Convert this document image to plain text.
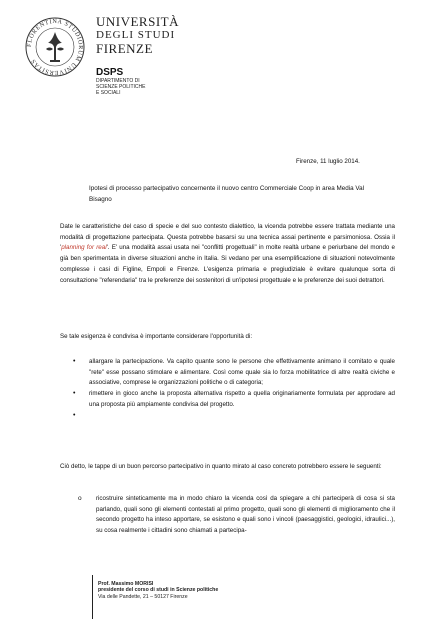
FLORENTINA STUDIORUM UNIVERSITAS
UNIVERSITÀ
DEGLI STUDI
FIRENZE
DSPS
DIPARTIMENTO DI
SCIENZE POLITICHE
E SOCIALI
Firenze, 11 luglio 2014.
Ipotesi di processo partecipativo concernente il nuovo centro Commerciale Coop in area Media Val Bisagno
Date le caratteristiche del caso di specie e del suo contesto dialettico, la vicenda potrebbe essere trattata mediante una modalità di progettazione partecipata. Questa potrebbe basarsi su una tecnica assai pertinente e parsimoniosa. Ossia il 'planning for real'. E' una modalità assai usata nei "conflitti progettuali" in molte realtà urbane e periurbane del mondo e già ben sperimentata in diverse situazioni anche in Italia. Si vedano per una esemplificazione di situazioni notevolmente complesse i casi di Figline, Empoli e Firenze. L'esigenza primaria e pregiudiziale è evitare qualunque sorta di consultazione "referendaria" tra le preferenze dei sostenitori di un'ipotesi progettuale e le preferenze dei suoi detrattori.
Se tale esigenza è condivisa è importante considerare l'opportunità di:
• allargare la partecipazione. Va capito quante sono le persone che effettivamente animano il comitato e quale "rete" esse possano stimolare e alimentare. Così come quale sia lo forza mobilitatrice di altre realtà civiche e associative, comprese le organizzazioni politiche o di categoria;
• rimettere in gioco anche la proposta alternativa rispetto a quella originariamente formulata per approdare ad una proposta più ampiamente condivisa del progetto.
•
Ciò detto, le tappe di un buon percorso partecipativo in quanto mirato al caso concreto potrebbero essere le seguenti:
o ricostruire sinteticamente ma in modo chiaro la vicenda così da spiegare a chi parteciperà di cosa si sta parlando, quali sono gli elementi contestati al primo progetto, quali sono gli elementi di miglioramento che il secondo progetto ha inteso apportare, se esistono e quali sono i vincoli (paesaggistici, geologici, idraulici...), su cosa realmente i cittadini sono chiamati a partecipa-
Prof. Massimo MORISI
presidente del corso di studi in Scienze politiche
Via delle Pandette, 21 – 50127 Firenze
